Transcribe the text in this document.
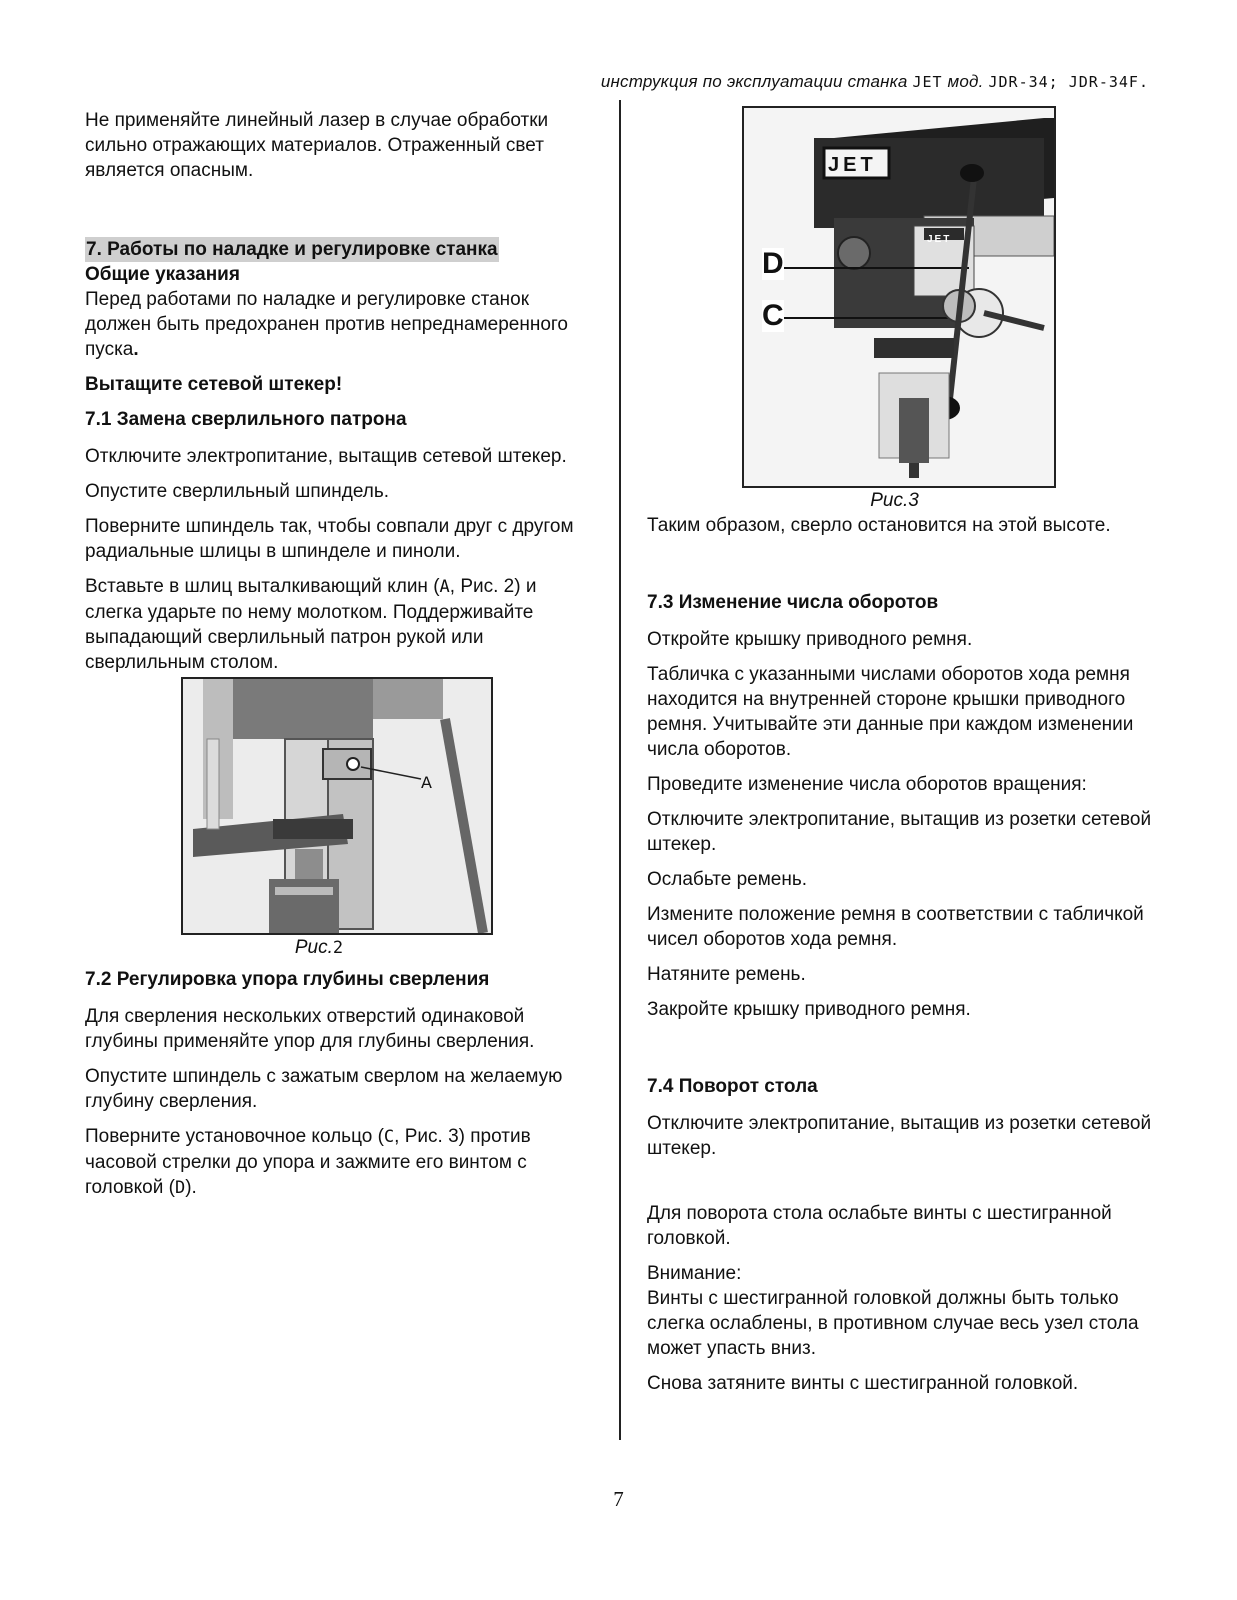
инструкция по эксплуатации станка JET мод. JDR-34; JDR-34F.

Не применяйте линейный лазер в случае обработки сильно отражающих материалов. Отраженный свет является опасным.

7. Работы по наладке и регулировке станка
Общие указания

Перед работами по наладке и регулировке станок должен быть предохранен против непреднамеренного пуска.

Вытащите сетевой штекер!

7.1 Замена сверлильного патрона

Отключите электропитание, вытащив сетевой штекер.

Опустите сверлильный шпиндель.

Поверните шпиндель так, чтобы совпали друг с другом радиальные шлицы в шпинделе и пиноли.

Вставьте в шлиц выталкивающий клин (A, Рис. 2) и слегка ударьте по нему молотком. Поддерживайте выпадающий сверлильный патрон рукой или сверлильным столом.

A
Рис.2
7.2 Регулировка упора глубины сверления

Для сверления нескольких отверстий одинаковой глубины применяйте упор для глубины сверления.

Опустите шпиндель с зажатым сверлом на желаемую глубину сверления.

Поверните установочное кольцо (C, Рис. 3) против часовой стрелки до упора и зажмите его винтом с головкой (D).

JET
JET
D
C
Рис.3

Таким образом, сверло остановится на этой высоте.

7.3 Изменение числа оборотов

Откройте крышку приводного ремня.

Табличка с указанными числами оборотов хода ремня находится на внутренней стороне крышки приводного ремня. Учитывайте эти данные при каждом изменении числа оборотов.

Проведите изменение числа оборотов вращения:

Отключите электропитание, вытащив из розетки сетевой штекер.

Ослабьте ремень.

Измените положение ремня в соответствии с табличкой чисел оборотов хода ремня.

Натяните ремень.

Закройте крышку приводного ремня.

7.4 Поворот стола

Отключите электропитание, вытащив из розетки сетевой штекер.

Для поворота стола ослабьте винты с шестигранной головкой.

Внимание:

Винты с шестигранной головкой должны быть только слегка ослаблены, в противном случае весь узел стола может упасть вниз.

Снова затяните винты с шестигранной головкой.

7
